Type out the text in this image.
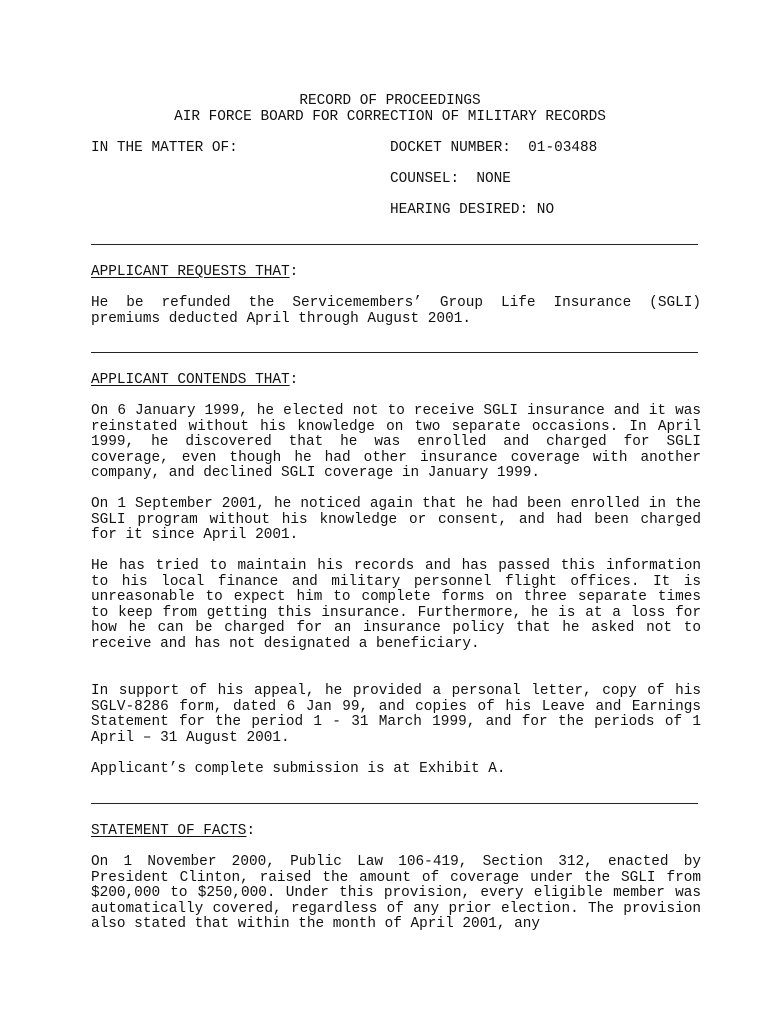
RECORD OF PROCEEDINGS
AIR FORCE BOARD FOR CORRECTION OF MILITARY RECORDS
IN THE MATTER OF:	DOCKET NUMBER:  01-03488
COUNSEL:  NONE
HEARING DESIRED: NO
APPLICANT REQUESTS THAT:
He be refunded the Servicemembers’ Group Life Insurance (SGLI) premiums deducted April through August 2001.
APPLICANT CONTENDS THAT:
On 6 January 1999, he elected not to receive SGLI insurance and it was reinstated without his knowledge on two separate occasions. In April 1999, he discovered that he was enrolled and charged for SGLI coverage, even though he had other insurance coverage with another company, and declined SGLI coverage in January 1999.
On 1 September 2001, he noticed again that he had been enrolled in the SGLI program without his knowledge or consent, and had been charged for it since April 2001.
He has tried to maintain his records and has passed this information to his local finance and military personnel flight offices. It is unreasonable to expect him to complete forms on three separate times to keep from getting this insurance. Furthermore, he is at a loss for how he can be charged for an insurance policy that he asked not to receive and has not designated a beneficiary.
In support of his appeal, he provided a personal letter, copy of his SGLV-8286 form, dated 6 Jan 99, and copies of his Leave and Earnings Statement for the period 1 - 31 March 1999, and for the periods of 1 April – 31 August 2001.
Applicant’s complete submission is at Exhibit A.
STATEMENT OF FACTS:
On 1 November 2000, Public Law 106-419, Section 312, enacted by President Clinton, raised the amount of coverage under the SGLI from $200,000 to $250,000. Under this provision, every eligible member was automatically covered, regardless of any prior election. The provision also stated that within the month of April 2001, any
